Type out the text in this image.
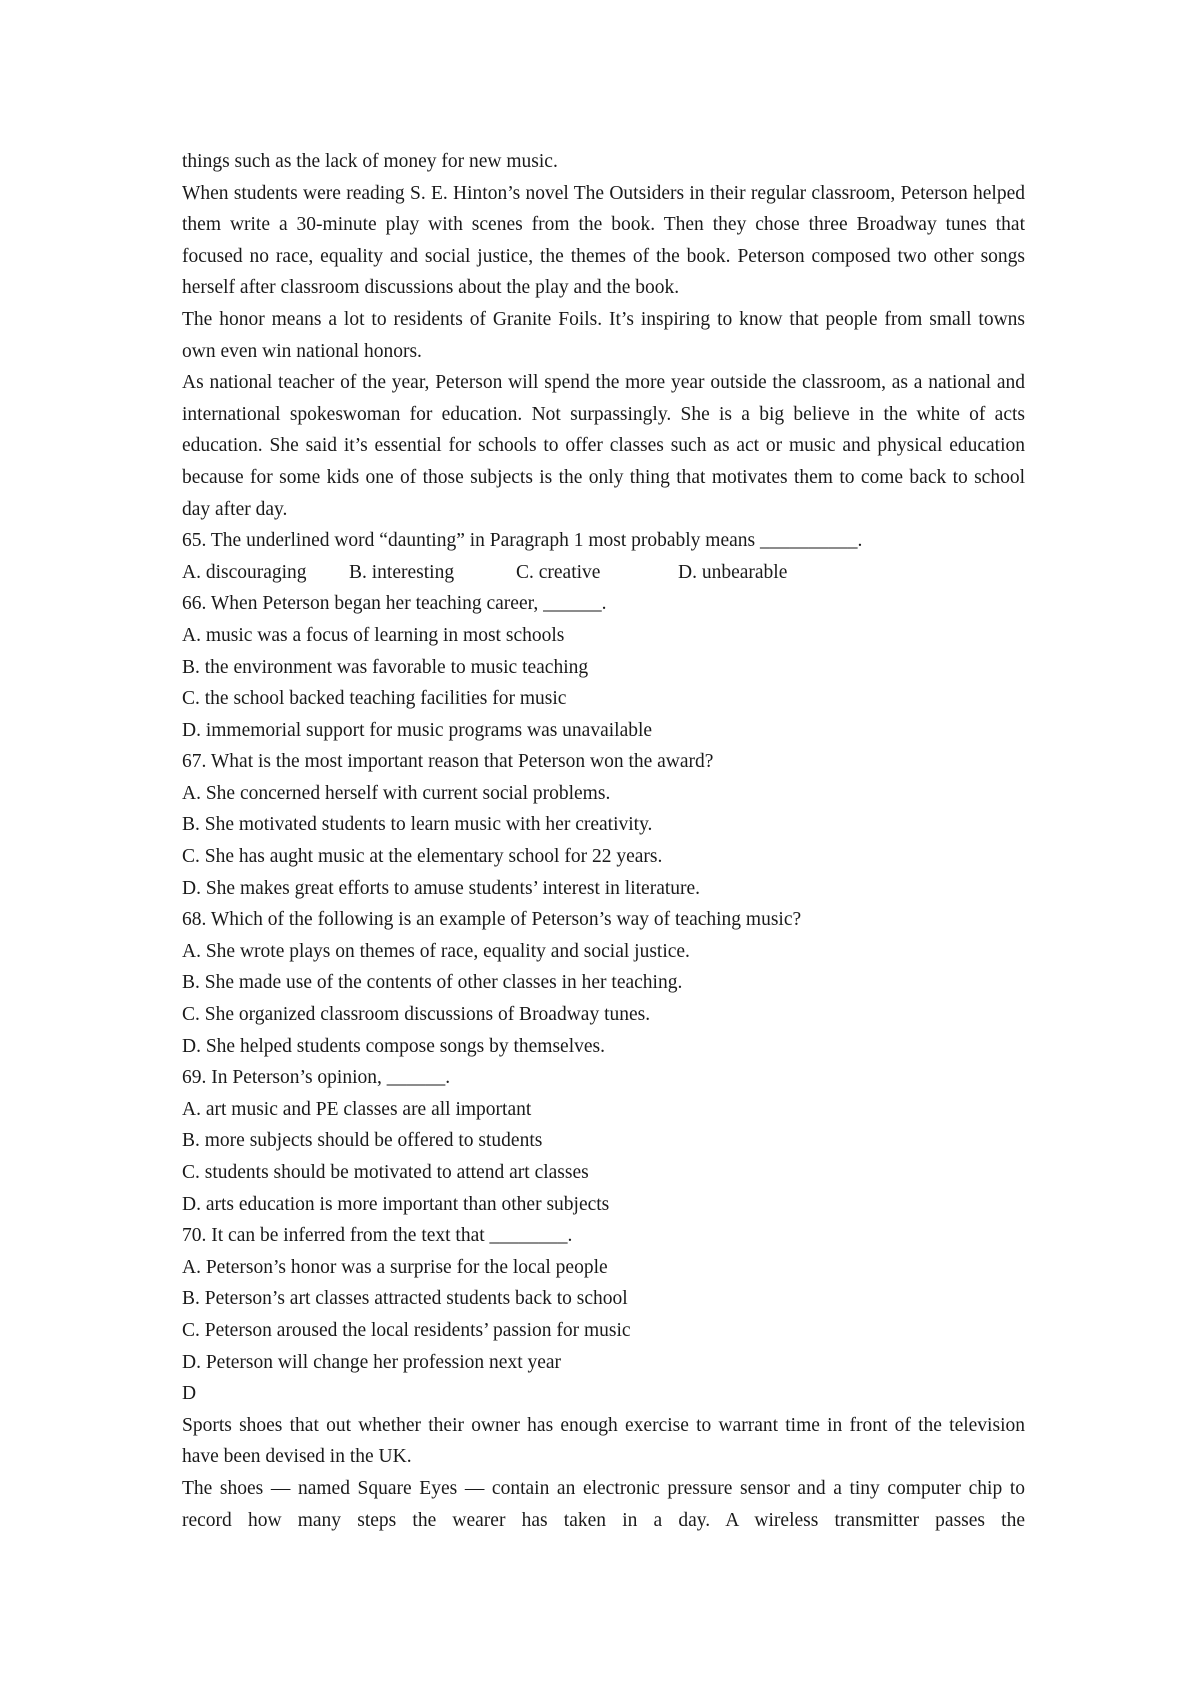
things such as the lack of money for new music.

When students were reading S. E. Hinton’s novel The Outsiders in their regular classroom, Peterson helped them write a 30-minute play with scenes from the book. Then they chose three Broadway tunes that focused no race, equality and social justice, the themes of the book. Peterson composed two other songs herself after classroom discussions about the play and the book.

The honor means a lot to residents of Granite Foils. It’s inspiring to know that people from small towns own even win national honors.

As national teacher of the year, Peterson will spend the more year outside the classroom, as a national and international spokeswoman for education. Not surpassingly. She is a big believe in the white of acts education. She said it’s essential for schools to offer classes such as act or music and physical education because for some kids one of those subjects is the only thing that motivates them to come back to school day after day.

65. The underlined word “daunting” in Paragraph 1 most probably means __________.

A. discouraging B. interesting	C. creative	D. unbearable

66. When Peterson began her teaching career, ______.

A. music was a focus of learning in most schools

B. the environment was favorable to music teaching

C. the school backed teaching facilities for music

D. immemorial support for music programs was unavailable

67. What is the most important reason that Peterson won the award?

A. She concerned herself with current social problems.

B. She motivated students to learn music with her creativity.

C. She has aught music at the elementary school for 22 years.

D. She makes great efforts to amuse students’ interest in literature.

68. Which of the following is an example of Peterson’s way of teaching music?

A. She wrote plays on themes of race, equality and social justice.

B. She made use of the contents of other classes in her teaching.

C. She organized classroom discussions of Broadway tunes.

D. She helped students compose songs by themselves.

69. In Peterson’s opinion, ______.

A. art music and PE classes are all important

B. more subjects should be offered to students

C. students should be motivated to attend art classes

D. arts education is more important than other subjects

70. It can be inferred from the text that ________.

A. Peterson’s honor was a surprise for the local people

B. Peterson’s art classes attracted students back to school

C. Peterson aroused the local residents’ passion for music

D. Peterson will change her profession next year

D

Sports shoes that out whether their owner has enough exercise to warrant time in front of the television have been devised in the UK.

The shoes — named Square Eyes — contain an electronic pressure sensor and a tiny computer chip to record how many steps the wearer has taken in a day. A wireless transmitter passes the
